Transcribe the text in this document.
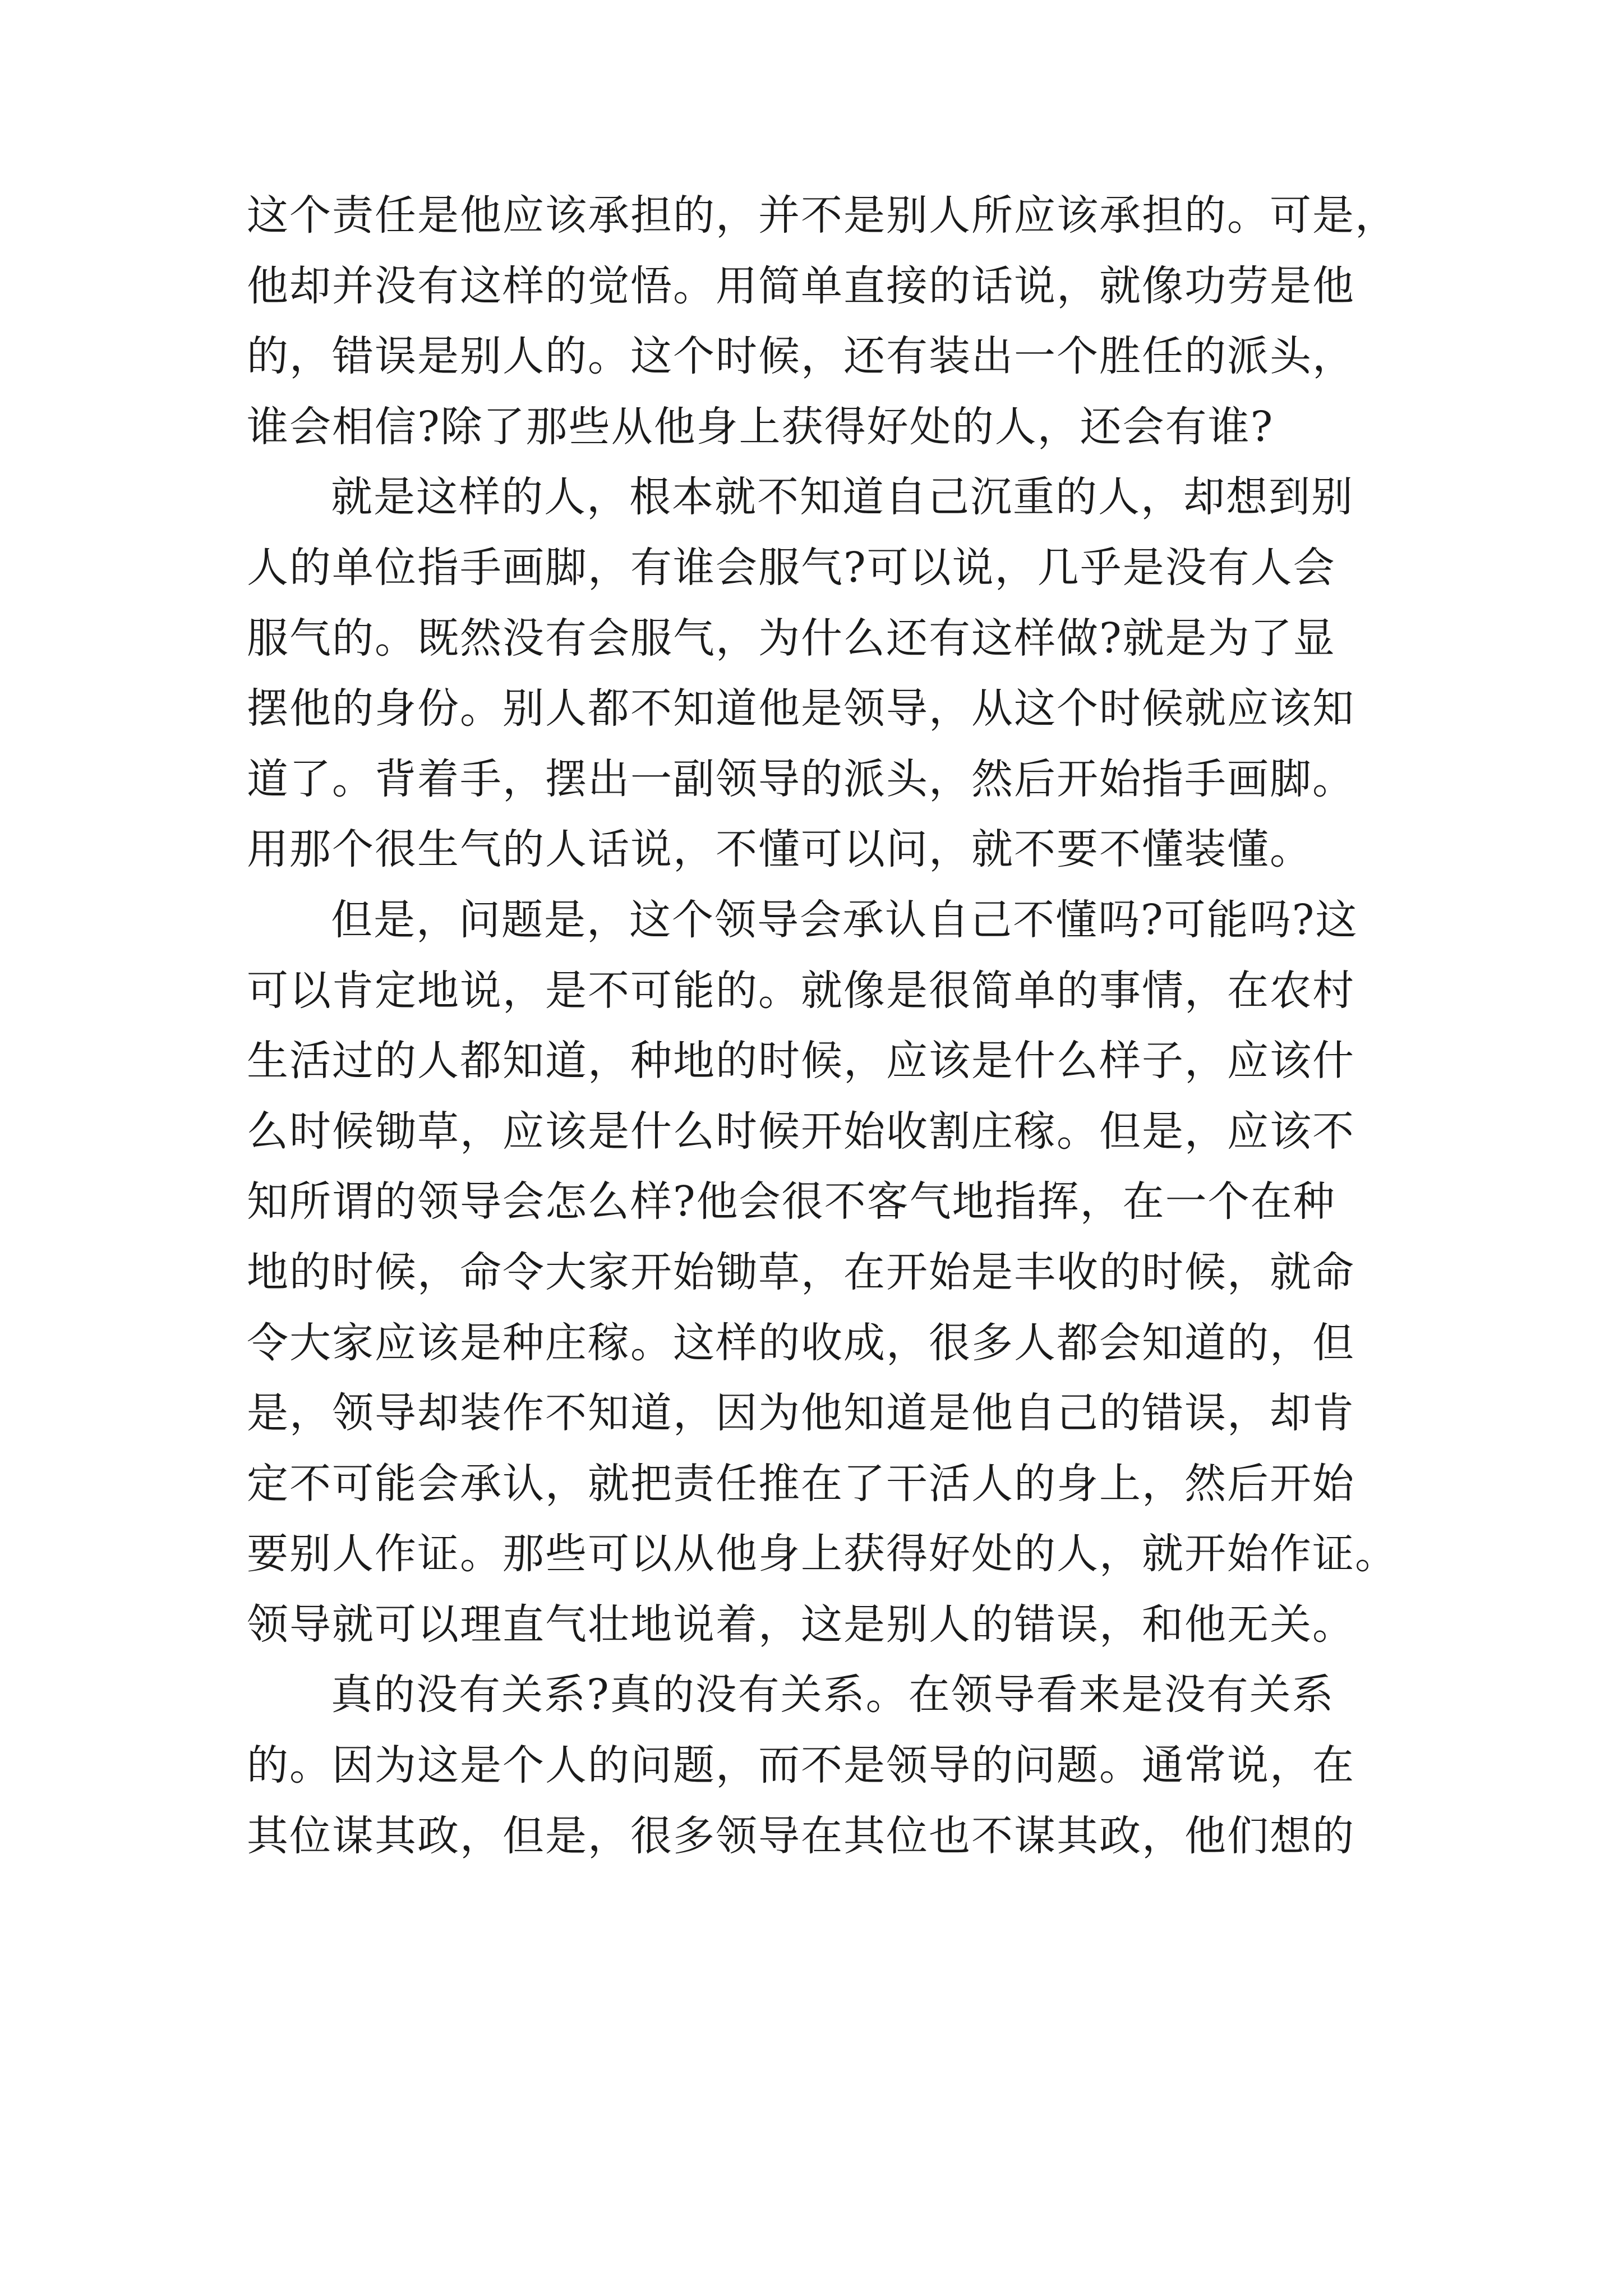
这个责任是他应该承担的，并不是别人所应该承担的。可是，
他却并没有这样的觉悟。用简单直接的话说，就像功劳是他
的，错误是别人的。这个时候，还有装出一个胜任的派头，
谁会相信?除了那些从他身上获得好处的人，还会有谁?
就是这样的人，根本就不知道自己沉重的人，却想到别
人的单位指手画脚，有谁会服气?可以说，几乎是没有人会
服气的。既然没有会服气，为什么还有这样做?就是为了显
摆他的身份。别人都不知道他是领导，从这个时候就应该知
道了。背着手，摆出一副领导的派头，然后开始指手画脚。
用那个很生气的人话说，不懂可以问，就不要不懂装懂。
但是，问题是，这个领导会承认自己不懂吗?可能吗?这
可以肯定地说，是不可能的。就像是很简单的事情，在农村
生活过的人都知道，种地的时候，应该是什么样子，应该什
么时候锄草，应该是什么时候开始收割庄稼。但是，应该不
知所谓的领导会怎么样?他会很不客气地指挥，在一个在种
地的时候，命令大家开始锄草，在开始是丰收的时候，就命
令大家应该是种庄稼。这样的收成，很多人都会知道的，但
是，领导却装作不知道，因为他知道是他自己的错误，却肯
定不可能会承认，就把责任推在了干活人的身上，然后开始
要别人作证。那些可以从他身上获得好处的人，就开始作证。
领导就可以理直气壮地说着，这是别人的错误，和他无关。
真的没有关系?真的没有关系。在领导看来是没有关系
的。因为这是个人的问题，而不是领导的问题。通常说，在
其位谋其政，但是，很多领导在其位也不谋其政，他们想的
